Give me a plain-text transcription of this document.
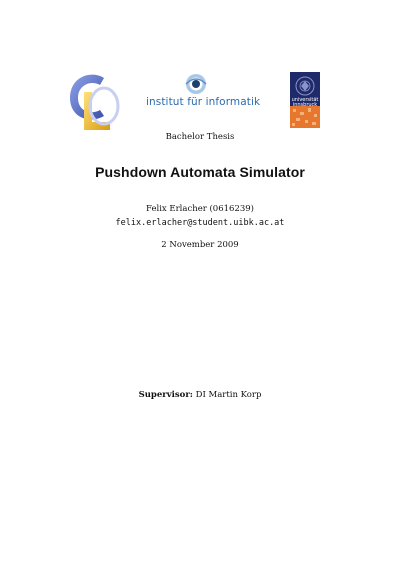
institut für informatik	universität innsbruck
Bachelor Thesis
Pushdown Automata Simulator
Felix Erlacher (0616239)
felix.erlacher@student.uibk.ac.at
2 November 2009
Supervisor: DI Martin Korp
